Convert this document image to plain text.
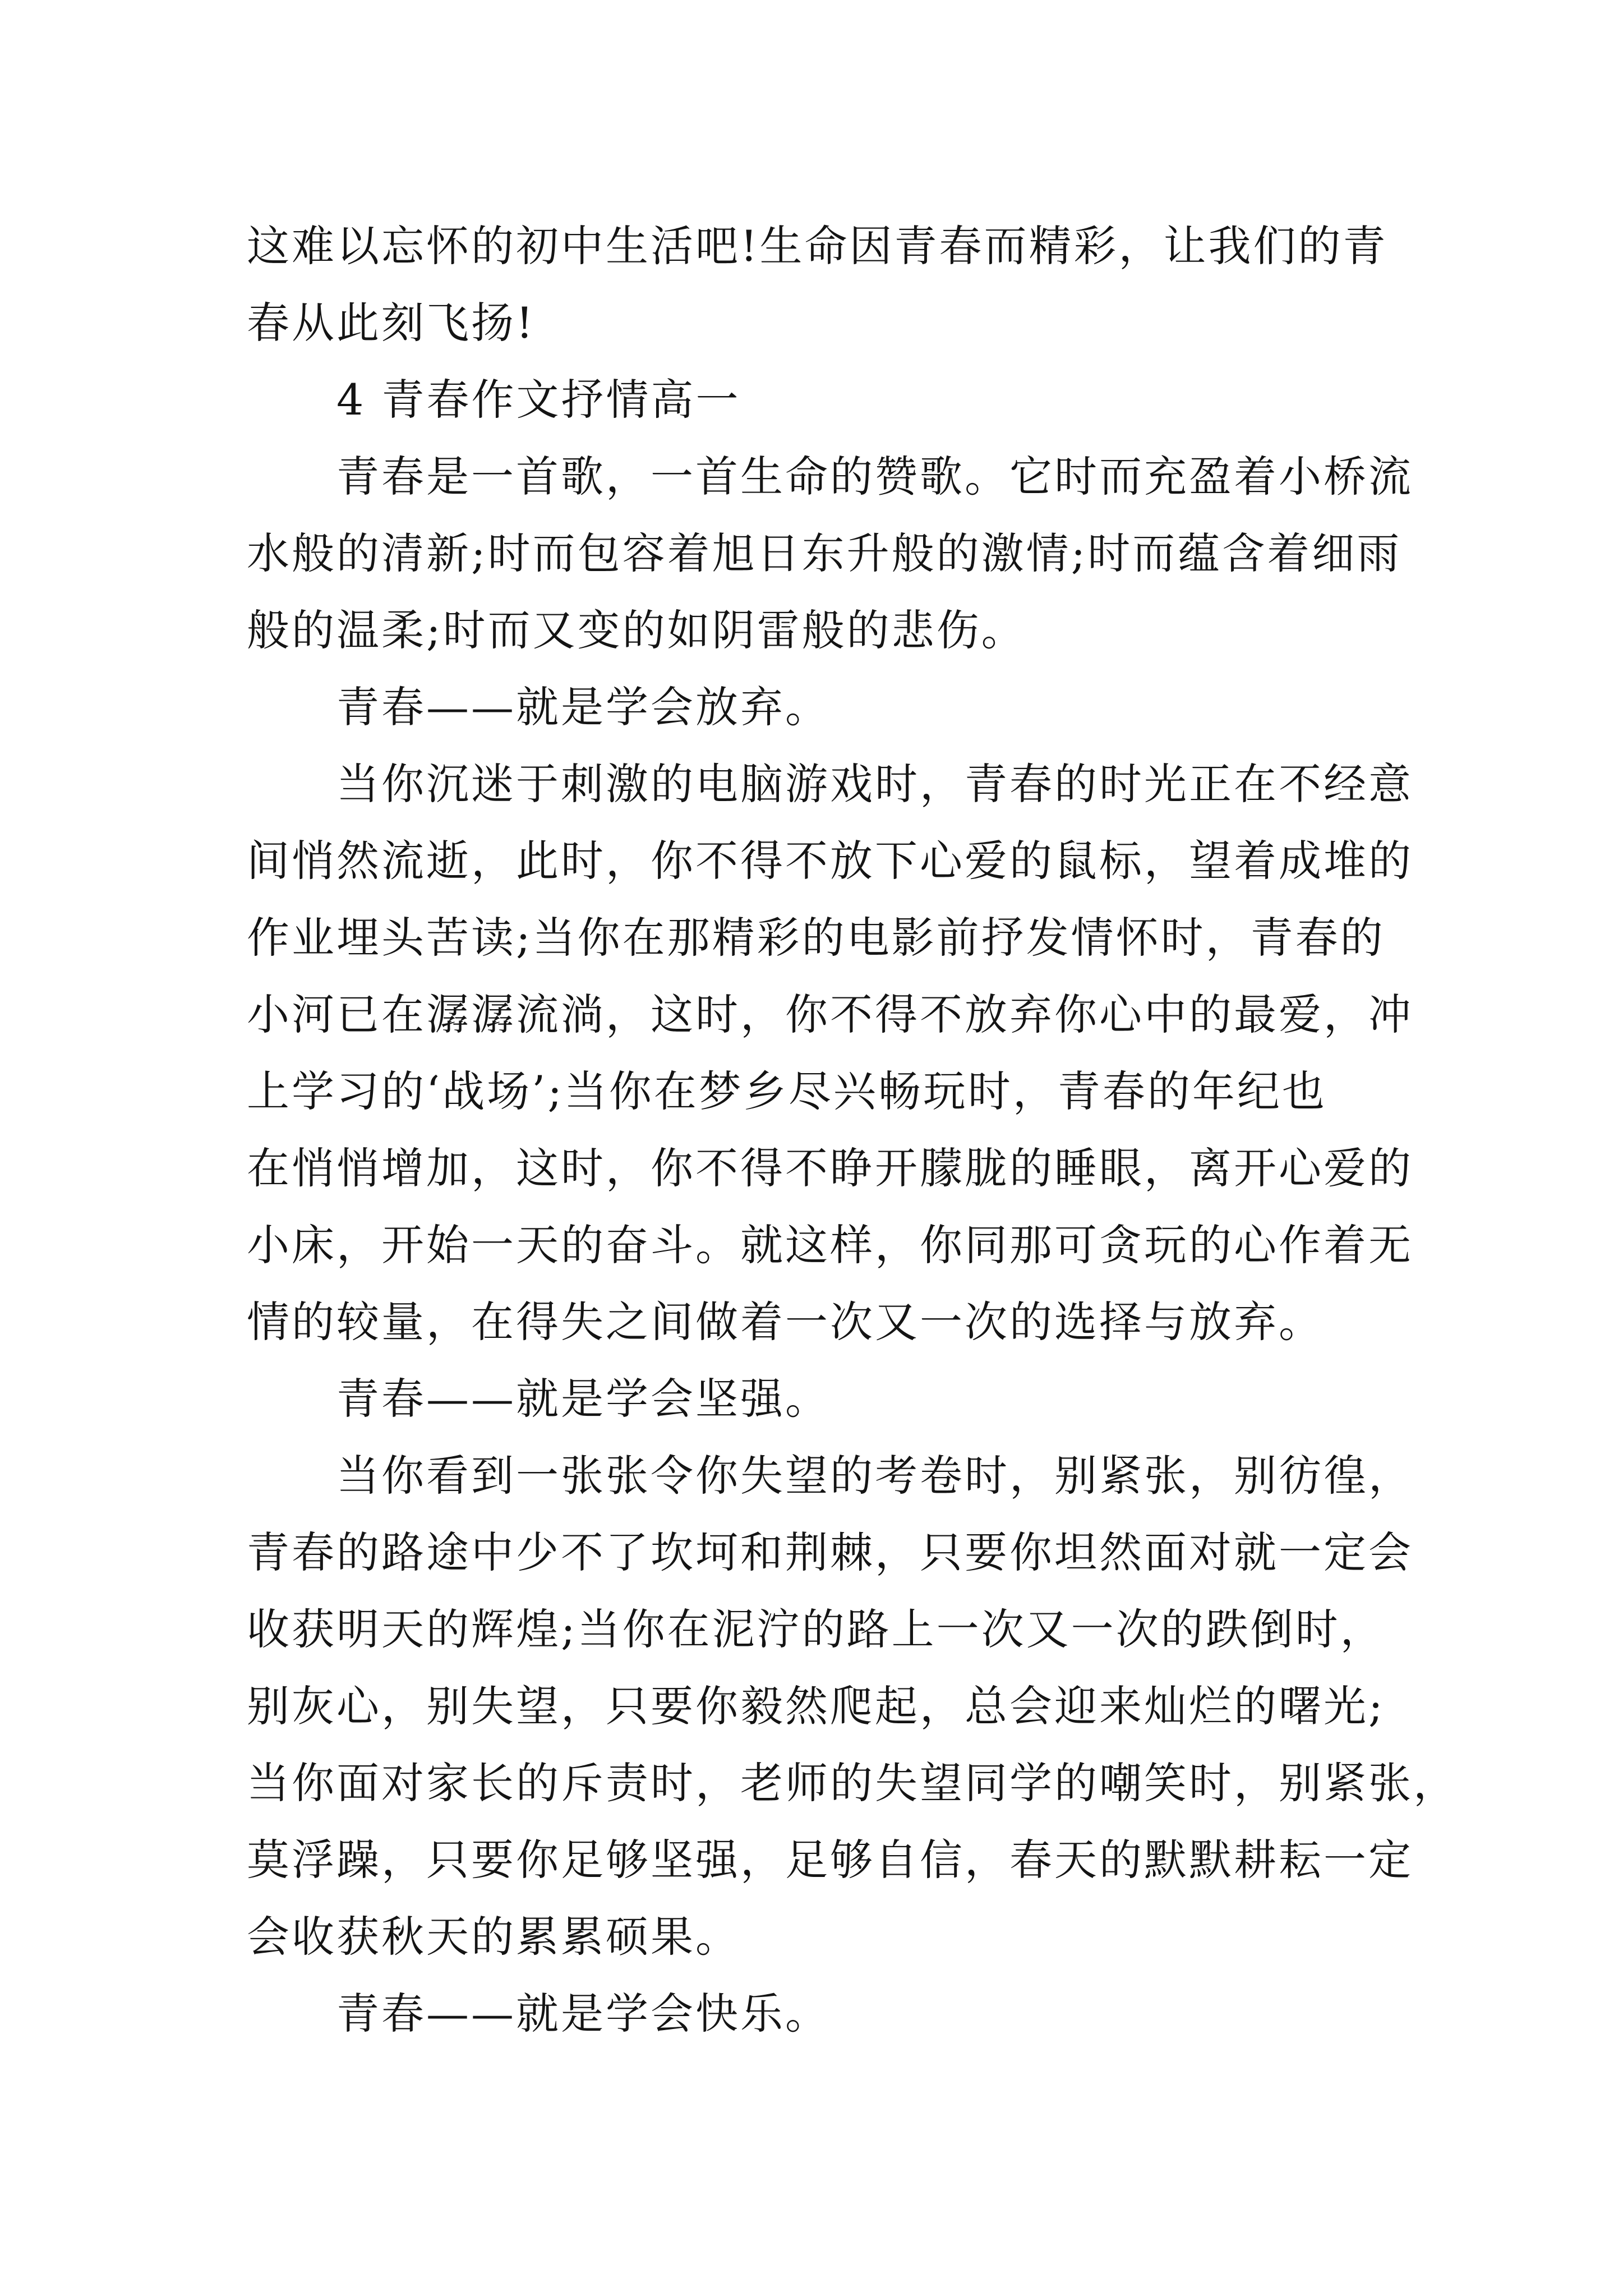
这难以忘怀的初中生活吧!生命因青春而精彩，让我们的青
春从此刻飞扬!
4 青春作文抒情高一
青春是一首歌，一首生命的赞歌。它时而充盈着小桥流
水般的清新;时而包容着旭日东升般的激情;时而蕴含着细雨
般的温柔;时而又变的如阴雷般的悲伤。
青春——就是学会放弃。
当你沉迷于刺激的电脑游戏时，青春的时光正在不经意
间悄然流逝，此时，你不得不放下心爱的鼠标，望着成堆的
作业埋头苦读;当你在那精彩的电影前抒发情怀时，青春的
小河已在潺潺流淌，这时，你不得不放弃你心中的最爱，冲
上学习的‘战场’;当你在梦乡尽兴畅玩时，青春的年纪也
在悄悄增加，这时，你不得不睁开朦胧的睡眼，离开心爱的
小床，开始一天的奋斗。就这样，你同那可贪玩的心作着无
情的较量，在得失之间做着一次又一次的选择与放弃。
青春——就是学会坚强。
当你看到一张张令你失望的考卷时，别紧张，别彷徨，
青春的路途中少不了坎坷和荆棘，只要你坦然面对就一定会
收获明天的辉煌;当你在泥泞的路上一次又一次的跌倒时，
别灰心，别失望，只要你毅然爬起，总会迎来灿烂的曙光;
当你面对家长的斥责时，老师的失望同学的嘲笑时，别紧张，
莫浮躁，只要你足够坚强，足够自信，春天的默默耕耘一定
会收获秋天的累累硕果。
青春——就是学会快乐。
